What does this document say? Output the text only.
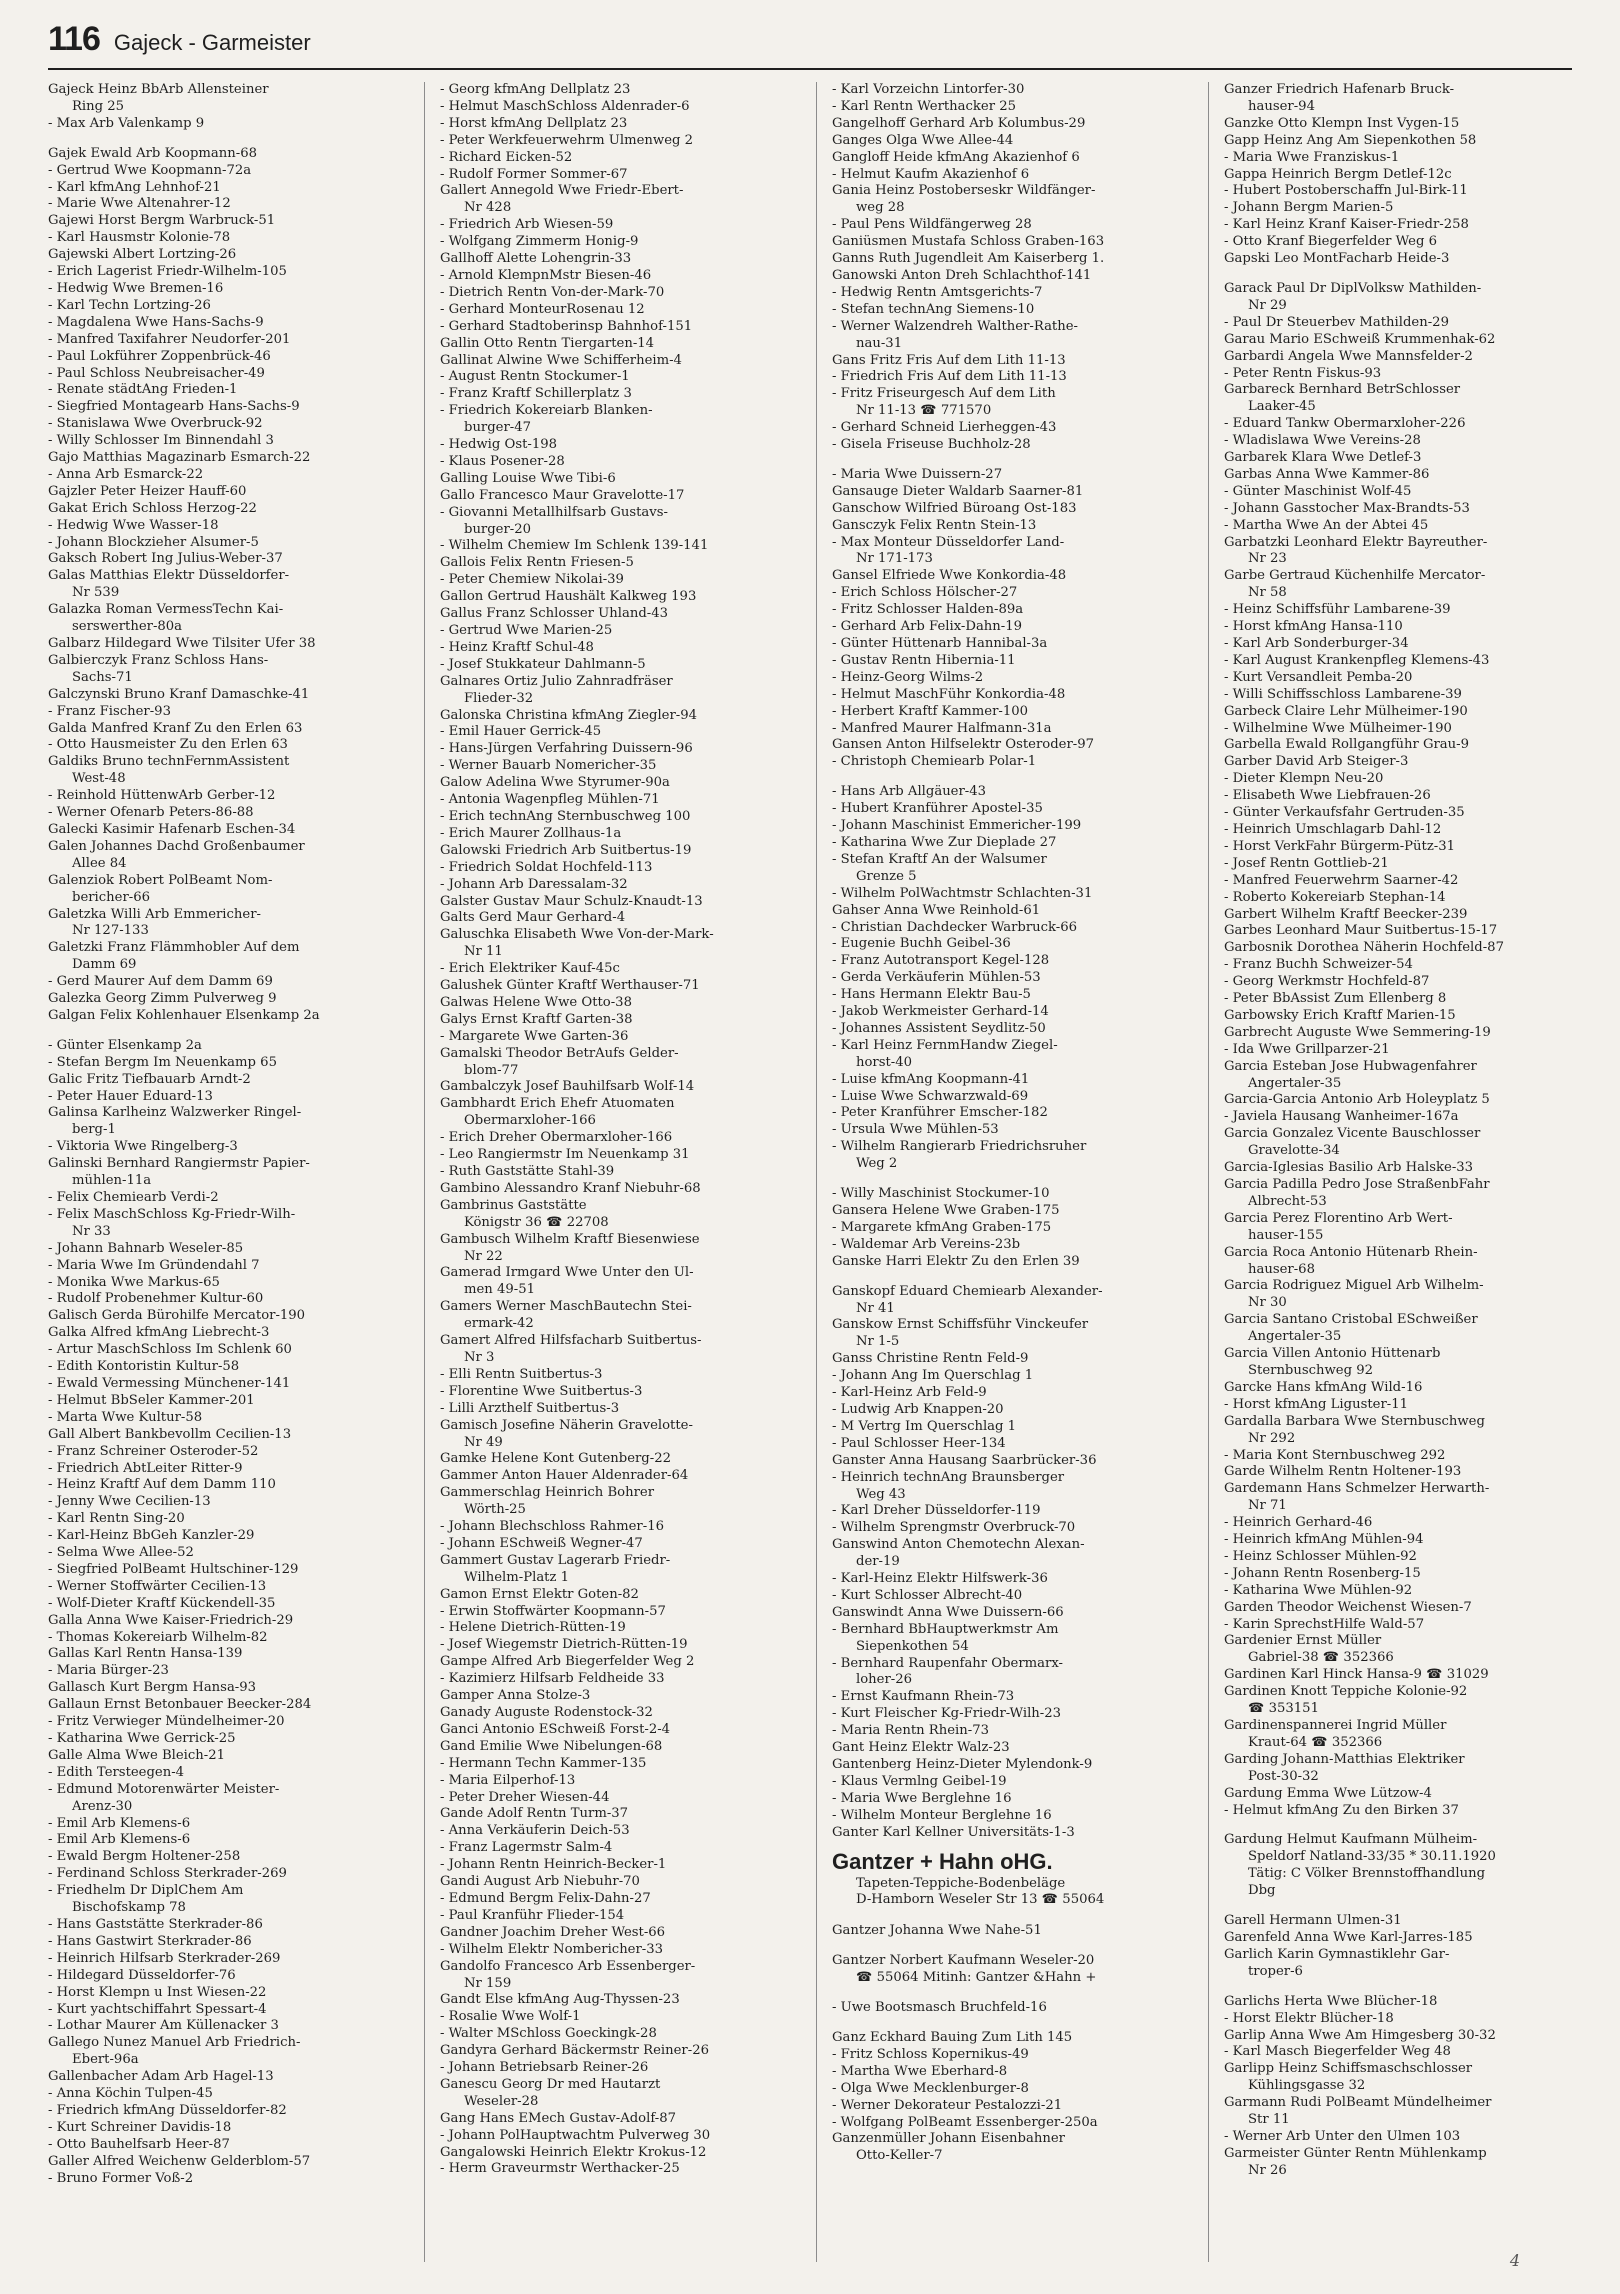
116 Gajeck - Garmeister
Gajeck Heinz BbArb Allensteiner
Ring 25
- Max Arb Valenkamp 9
Gajek Ewald Arb Koopmann-68
- Gertrud Wwe Koopmann-72a
- Karl kfmAng Lehnhof-21
- Marie Wwe Altenahrer-12
Gajewi Horst Bergm Warbruck-51
- Karl Hausmstr Kolonie-78
Gajewski Albert Lortzing-26
- Erich Lagerist Friedr-Wilhelm-105
- Hedwig Wwe Bremen-16
- Karl Techn Lortzing-26
- Magdalena Wwe Hans-Sachs-9
- Manfred Taxifahrer Neudorfer-201
- Paul Lokführer Zoppenbrück-46
- Paul Schloss Neubreisacher-49
- Renate städtAng Frieden-1
- Siegfried Montagearb Hans-Sachs-9
- Stanislawa Wwe Overbruck-92
- Willy Schlosser Im Binnendahl 3
Gajo Matthias Magazinarb Esmarch-22
- Anna Arb Esmarck-22
Gajzler Peter Heizer Hauff-60
Gakat Erich Schloss Herzog-22
- Hedwig Wwe Wasser-18
- Johann Blockzieher Alsumer-5
Gaksch Robert Ing Julius-Weber-37
Galas Matthias Elektr Düsseldorfer-
Nr 539
Galazka Roman VermessTechn Kai-
serswerther-80a
Galbarz Hildegard Wwe Tilsiter Ufer 38
Galbierczyk Franz Schloss Hans-
Sachs-71
Galczynski Bruno Kranf Damaschke-41
- Franz Fischer-93
Galda Manfred Kranf Zu den Erlen 63
- Otto Hausmeister Zu den Erlen 63
Galdiks Bruno technFernmAssistent
West-48
- Reinhold HüttenwArb Gerber-12
- Werner Ofenarb Peters-86-88
Galecki Kasimir Hafenarb Eschen-34
Galen Johannes Dachd Großenbaumer
Allee 84
Galenziok Robert PolBeamt Nom-
bericher-66
Galetzka Willi Arb Emmericher-
Nr 127-133
Galetzki Franz Flämmhobler Auf dem
Damm 69
- Gerd Maurer Auf dem Damm 69
Galezka Georg Zimm Pulverweg 9
Galgan Felix Kohlenhauer Elsenkamp 2a
- Günter Elsenkamp 2a
- Stefan Bergm Im Neuenkamp 65
Galic Fritz Tiefbauarb Arndt-2
- Peter Hauer Eduard-13
Galinsa Karlheinz Walzwerker Ringel-
berg-1
- Viktoria Wwe Ringelberg-3
Galinski Bernhard Rangiermstr Papier-
mühlen-11a
- Felix Chemiearb Verdi-2
- Felix MaschSchloss Kg-Friedr-Wilh-
Nr 33
- Johann Bahnarb Weseler-85
- Maria Wwe Im Gründendahl 7
- Monika Wwe Markus-65
- Rudolf Probenehmer Kultur-60
Galisch Gerda Bürohilfe Mercator-190
Galka Alfred kfmAng Liebrecht-3
- Artur MaschSchloss Im Schlenk 60
- Edith Kontoristin Kultur-58
- Ewald Vermessing Münchener-141
- Helmut BbSeler Kammer-201
- Marta Wwe Kultur-58
Gall Albert Bankbevollm Cecilien-13
- Franz Schreiner Osteroder-52
- Friedrich AbtLeiter Ritter-9
- Heinz Kraftf Auf dem Damm 110
- Jenny Wwe Cecilien-13
- Karl Rentn Sing-20
- Karl-Heinz BbGeh Kanzler-29
- Selma Wwe Allee-52
- Siegfried PolBeamt Hultschiner-129
- Werner Stoffwärter Cecilien-13
- Wolf-Dieter Kraftf Kückendell-35
Galla Anna Wwe Kaiser-Friedrich-29
- Thomas Kokereiarb Wilhelm-82
Gallas Karl Rentn Hansa-139
- Maria Bürger-23
Gallasch Kurt Bergm Hansa-93
Gallaun Ernst Betonbauer Beecker-284
- Fritz Verwieger Mündelheimer-20
- Katharina Wwe Gerrick-25
Galle Alma Wwe Bleich-21
- Edith Tersteegen-4
- Edmund Motorenwärter Meister-
Arenz-30
- Emil Arb Klemens-6
- Emil Arb Klemens-6
- Ewald Bergm Holtener-258
- Ferdinand Schloss Sterkrader-269
- Friedhelm Dr DiplChem Am
Bischofskamp 78
- Hans Gaststätte Sterkrader-86
- Hans Gastwirt Sterkrader-86
- Heinrich Hilfsarb Sterkrader-269
- Hildegard Düsseldorfer-76
- Horst Klempn u Inst Wiesen-22
- Kurt yachtschiffahrt Spessart-4
- Lothar Maurer Am Küllenacker 3
Gallego Nunez Manuel Arb Friedrich-
Ebert-96a
Gallenbacher Adam Arb Hagel-13
- Anna Köchin Tulpen-45
- Friedrich kfmAng Düsseldorfer-82
- Kurt Schreiner Davidis-18
- Otto Bauhelfsarb Heer-87
Galler Alfred Weichenw Gelderblom-57
- Bruno Former Voß-2
- Georg kfmAng Dellplatz 23
- Helmut MaschSchloss Aldenrader-6
- Horst kfmAng Dellplatz 23
- Peter Werkfeuerwehrm Ulmenweg 2
- Richard Eicken-52
- Rudolf Former Sommer-67
Gallert Annegold Wwe Friedr-Ebert-
Nr 428
- Friedrich Arb Wiesen-59
- Wolfgang Zimmerm Honig-9
Gallhoff Alette Lohengrin-33
- Arnold KlempnMstr Biesen-46
- Dietrich Rentn Von-der-Mark-70
- Gerhard MonteurRosenau 12
- Gerhard Stadtoberinsp Bahnhof-151
Gallin Otto Rentn Tiergarten-14
Gallinat Alwine Wwe Schifferheim-4
- August Rentn Stockumer-1
- Franz Kraftf Schillerplatz 3
- Friedrich Kokereiarb Blanken-
burger-47
- Hedwig Ost-198
- Klaus Posener-28
Galling Louise Wwe Tibi-6
Gallo Francesco Maur Gravelotte-17
- Giovanni Metallhilfsarb Gustavs-
burger-20
- Wilhelm Chemiew Im Schlenk 139-141
Gallois Felix Rentn Friesen-5
- Peter Chemiew Nikolai-39
Gallon Gertrud Haushält Kalkweg 193
Gallus Franz Schlosser Uhland-43
- Gertrud Wwe Marien-25
- Heinz Kraftf Schul-48
- Josef Stukkateur Dahlmann-5
Galnares Ortiz Julio Zahnradfräser
Flieder-32
Galonska Christina kfmAng Ziegler-94
- Emil Hauer Gerrick-45
- Hans-Jürgen Verfahring Duissern-96
- Werner Bauarb Nomericher-35
Galow Adelina Wwe Styrumer-90a
- Antonia Wagenpfleg Mühlen-71
- Erich technAng Sternbuschweg 100
- Erich Maurer Zollhaus-1a
Galowski Friedrich Arb Suitbertus-19
- Friedrich Soldat Hochfeld-113
- Johann Arb Daressalam-32
Galster Gustav Maur Schulz-Knaudt-13
Galts Gerd Maur Gerhard-4
Galuschka Elisabeth Wwe Von-der-Mark-
Nr 11
- Erich Elektriker Kauf-45c
Galushek Günter Kraftf Werthauser-71
Galwas Helene Wwe Otto-38
Galys Ernst Kraftf Garten-38
- Margarete Wwe Garten-36
Gamalski Theodor BetrAufs Gelder-
blom-77
Gambalczyk Josef Bauhilfsarb Wolf-14
Gambhardt Erich Ehefr Atuomaten
Obermarxloher-166
- Erich Dreher Obermarxloher-166
- Leo Rangiermstr Im Neuenkamp 31
- Ruth Gaststätte Stahl-39
Gambino Alessandro Kranf Niebuhr-68
Gambrinus Gaststätte
Königstr 36 ☎ 22708
Gambusch Wilhelm Kraftf Biesenwiese
Nr 22
Gamerad Irmgard Wwe Unter den Ul-
men 49-51
Gamers Werner MaschBautechn Stei-
ermark-42
Gamert Alfred Hilfsfacharb Suitbertus-
Nr 3
- Elli Rentn Suitbertus-3
- Florentine Wwe Suitbertus-3
- Lilli Arzthelf Suitbertus-3
Gamisch Josefine Näherin Gravelotte-
Nr 49
Gamke Helene Kont Gutenberg-22
Gammer Anton Hauer Aldenrader-64
Gammerschlag Heinrich Bohrer
Wörth-25
- Johann Blechschloss Rahmer-16
- Johann ESchweiß Wegner-47
Gammert Gustav Lagerarb Friedr-
Wilhelm-Platz 1
Gamon Ernst Elektr Goten-82
- Erwin Stoffwärter Koopmann-57
- Helene Dietrich-Rütten-19
- Josef Wiegemstr Dietrich-Rütten-19
Gampe Alfred Arb Biegerfelder Weg 2
- Kazimierz Hilfsarb Feldheide 33
Gamper Anna Stolze-3
Ganady Auguste Rodenstock-32
Ganci Antonio ESchweiß Forst-2-4
Gand Emilie Wwe Nibelungen-68
- Hermann Techn Kammer-135
- Maria Eilperhof-13
- Peter Dreher Wiesen-44
Gande Adolf Rentn Turm-37
- Anna Verkäuferin Deich-53
- Franz Lagermstr Salm-4
- Johann Rentn Heinrich-Becker-1
Gandi August Arb Niebuhr-70
- Edmund Bergm Felix-Dahn-27
- Paul Kranführ Flieder-154
Gandner Joachim Dreher West-66
- Wilhelm Elektr Nombericher-33
Gandolfo Francesco Arb Essenberger-
Nr 159
Gandt Else kfmAng Aug-Thyssen-23
- Rosalie Wwe Wolf-1
- Walter MSchloss Goeckingk-28
Gandyra Gerhard Bäckermstr Reiner-26
- Johann Betriebsarb Reiner-26
Ganescu Georg Dr med Hautarzt
Weseler-28
Gang Hans EMech Gustav-Adolf-87
- Johann PolHauptwachtm Pulverweg 30
Gangalowski Heinrich Elektr Krokus-12
- Herm Graveurmstr Werthacker-25
- Karl Vorzeichn Lintorfer-30
- Karl Rentn Werthacker 25
Gangelhoff Gerhard Arb Kolumbus-29
Ganges Olga Wwe Allee-44
Gangloff Heide kfmAng Akazienhof 6
- Helmut Kaufm Akazienhof 6
Gania Heinz Postoberseskr Wildfänger-
weg 28
- Paul Pens Wildfängerweg 28
Ganiüsmen Mustafa Schloss Graben-163
Ganns Ruth Jugendleit Am Kaiserberg 1.
Ganowski Anton Dreh Schlachthof-141
- Hedwig Rentn Amtsgerichts-7
- Stefan technAng Siemens-10
- Werner Walzendreh Walther-Rathe-
nau-31
Gans Fritz Fris Auf dem Lith 11-13
- Friedrich Fris Auf dem Lith 11-13
- Fritz Friseurgesch Auf dem Lith
Nr 11-13 ☎ 771570
- Gerhard Schneid Lierheggen-43
- Gisela Friseuse Buchholz-28
- Maria Wwe Duissern-27
Gansauge Dieter Waldarb Saarner-81
Ganschow Wilfried Büroang Ost-183
Gansczyk Felix Rentn Stein-13
- Max Monteur Düsseldorfer Land-
Nr 171-173
Gansel Elfriede Wwe Konkordia-48
- Erich Schloss Hölscher-27
- Fritz Schlosser Halden-89a
- Gerhard Arb Felix-Dahn-19
- Günter Hüttenarb Hannibal-3a
- Gustav Rentn Hibernia-11
- Heinz-Georg Wilms-2
- Helmut MaschFühr Konkordia-48
- Herbert Kraftf Kammer-100
- Manfred Maurer Halfmann-31a
Gansen Anton Hilfselektr Osteroder-97
- Christoph Chemiearb Polar-1
- Hans Arb Allgäuer-43
- Hubert Kranführer Apostel-35
- Johann Maschinist Emmericher-199
- Katharina Wwe Zur Dieplade 27
- Stefan Kraftf An der Walsumer
Grenze 5
- Wilhelm PolWachtmstr Schlachten-31
Gahser Anna Wwe Reinhold-61
- Christian Dachdecker Warbruck-66
- Eugenie Buchh Geibel-36
- Franz Autotransport Kegel-128
- Gerda Verkäuferin Mühlen-53
- Hans Hermann Elektr Bau-5
- Jakob Werkmeister Gerhard-14
- Johannes Assistent Seydlitz-50
- Karl Heinz FernmHandw Ziegel-
horst-40
- Luise kfmAng Koopmann-41
- Luise Wwe Schwarzwald-69
- Peter Kranführer Emscher-182
- Ursula Wwe Mühlen-53
- Wilhelm Rangierarb Friedrichsruher
Weg 2
- Willy Maschinist Stockumer-10
Gansera Helene Wwe Graben-175
- Margarete kfmAng Graben-175
- Waldemar Arb Vereins-23b
Ganske Harri Elektr Zu den Erlen 39
Ganskopf Eduard Chemiearb Alexander-
Nr 41
Ganskow Ernst Schiffsführ Vinckeufer
Nr 1-5
Ganss Christine Rentn Feld-9
- Johann Ang Im Querschlag 1
- Karl-Heinz Arb Feld-9
- Ludwig Arb Knappen-20
- M Vertrg Im Querschlag 1
- Paul Schlosser Heer-134
Ganster Anna Hausang Saarbrücker-36
- Heinrich technAng Braunsberger
Weg 43
- Karl Dreher Düsseldorfer-119
- Wilhelm Sprengmstr Overbruck-70
Ganswind Anton Chemotechn Alexan-
der-19
- Karl-Heinz Elektr Hilfswerk-36
- Kurt Schlosser Albrecht-40
Ganswindt Anna Wwe Duissern-66
- Bernhard BbHauptwerkmstr Am
Siepenkothen 54
- Bernhard Raupenfahr Obermarx-
loher-26
- Ernst Kaufmann Rhein-73
- Kurt Fleischer Kg-Friedr-Wilh-23
- Maria Rentn Rhein-73
Gant Heinz Elektr Walz-23
Gantenberg Heinz-Dieter Mylendonk-9
- Klaus Vermlng Geibel-19
- Maria Wwe Berglehne 16
- Wilhelm Monteur Berglehne 16
Ganter Karl Kellner Universitäts-1-3
Gantzer + Hahn oHG.
Tapeten-Teppiche-Bodenbeläge
D-Hamborn Weseler Str 13 ☎ 55064
Gantzer Johanna Wwe Nahe-51
Gantzer Norbert Kaufmann Weseler-20
☎ 55064 Mitinh: Gantzer &Hahn +
- Uwe Bootsmasch Bruchfeld-16
Ganz Eckhard Bauing Zum Lith 145
- Fritz Schloss Kopernikus-49
- Martha Wwe Eberhard-8
- Olga Wwe Mecklenburger-8
- Werner Dekorateur Pestalozzi-21
- Wolfgang PolBeamt Essenberger-250a
Ganzenmüller Johann Eisenbahner
Otto-Keller-7
Ganzer Friedrich Hafenarb Bruck-
hauser-94
Ganzke Otto Klempn Inst Vygen-15
Gapp Heinz Ang Am Siepenkothen 58
- Maria Wwe Franziskus-1
Gappa Heinrich Bergm Detlef-12c
- Hubert Postoberschaffn Jul-Birk-11
- Johann Bergm Marien-5
- Karl Heinz Kranf Kaiser-Friedr-258
- Otto Kranf Biegerfelder Weg 6
Gapski Leo MontFacharb Heide-3
Garack Paul Dr DiplVolksw Mathilden-
Nr 29
- Paul Dr Steuerbev Mathilden-29
Garau Mario ESchweiß Krummenhak-62
Garbardi Angela Wwe Mannsfelder-2
- Peter Rentn Fiskus-93
Garbareck Bernhard BetrSchlosser
Laaker-45
- Eduard Tankw Obermarxloher-226
- Wladislawa Wwe Vereins-28
Garbarek Klara Wwe Detlef-3
Garbas Anna Wwe Kammer-86
- Günter Maschinist Wolf-45
- Johann Gasstocher Max-Brandts-53
- Martha Wwe An der Abtei 45
Garbatzki Leonhard Elektr Bayreuther-
Nr 23
Garbe Gertraud Küchenhilfe Mercator-
Nr 58
- Heinz Schiffsführ Lambarene-39
- Horst kfmAng Hansa-110
- Karl Arb Sonderburger-34
- Karl August Krankenpfleg Klemens-43
- Kurt Versandleit Pemba-20
- Willi Schiffsschloss Lambarene-39
Garbeck Claire Lehr Mülheimer-190
- Wilhelmine Wwe Mülheimer-190
Garbella Ewald Rollgangführ Grau-9
Garber David Arb Steiger-3
- Dieter Klempn Neu-20
- Elisabeth Wwe Liebfrauen-26
- Günter Verkaufsfahr Gertruden-35
- Heinrich Umschlagarb Dahl-12
- Horst VerkFahr Bürgerm-Pütz-31
- Josef Rentn Gottlieb-21
- Manfred Feuerwehrm Saarner-42
- Roberto Kokereiarb Stephan-14
Garbert Wilhelm Kraftf Beecker-239
Garbes Leonhard Maur Suitbertus-15-17
Garbosnik Dorothea Näherin Hochfeld-87
- Franz Buchh Schweizer-54
- Georg Werkmstr Hochfeld-87
- Peter BbAssist Zum Ellenberg 8
Garbowsky Erich Kraftf Marien-15
Garbrecht Auguste Wwe Semmering-19
- Ida Wwe Grillparzer-21
Garcia Esteban Jose Hubwagenfahrer
Angertaler-35
Garcia-Garcia Antonio Arb Holeyplatz 5
- Javiela Hausang Wanheimer-167a
Garcia Gonzalez Vicente Bauschlosser
Gravelotte-34
Garcia-Iglesias Basilio Arb Halske-33
Garcia Padilla Pedro Jose StraßenbFahr
Albrecht-53
Garcia Perez Florentino Arb Wert-
hauser-155
Garcia Roca Antonio Hütenarb Rhein-
hauser-68
Garcia Rodriguez Miguel Arb Wilhelm-
Nr 30
Garcia Santano Cristobal ESchweißer
Angertaler-35
Garcia Villen Antonio Hüttenarb
Sternbuschweg 92
Garcke Hans kfmAng Wild-16
- Horst kfmAng Liguster-11
Gardalla Barbara Wwe Sternbuschweg
Nr 292
- Maria Kont Sternbuschweg 292
Garde Wilhelm Rentn Holtener-193
Gardemann Hans Schmelzer Herwarth-
Nr 71
- Heinrich Gerhard-46
- Heinrich kfmAng Mühlen-94
- Heinz Schlosser Mühlen-92
- Johann Rentn Rosenberg-15
- Katharina Wwe Mühlen-92
Garden Theodor Weichenst Wiesen-7
- Karin SprechstHilfe Wald-57
Gardenier Ernst Müller
Gabriel-38 ☎ 352366
Gardinen Karl Hinck Hansa-9 ☎ 31029
Gardinen Knott Teppiche Kolonie-92
☎ 353151
Gardinenspannerei Ingrid Müller
Kraut-64 ☎ 352366
Garding Johann-Matthias Elektriker
Post-30-32
Gardung Emma Wwe Lützow-4
- Helmut kfmAng Zu den Birken 37
Gardung Helmut Kaufmann Mülheim-
Speldorf Natland-33/35 * 30.11.1920
Tätig: C Völker Brennstoffhandlung
Dbg
Garell Hermann Ulmen-31
Garenfeld Anna Wwe Karl-Jarres-185
Garlich Karin Gymnastiklehr Gar-
troper-6
Garlichs Herta Wwe Blücher-18
- Horst Elektr Blücher-18
Garlip Anna Wwe Am Himgesberg 30-32
- Karl Masch Biegerfelder Weg 48
Garlipp Heinz Schiffsmaschschlosser
Kühlingsgasse 32
Garmann Rudi PolBeamt Mündelheimer
Str 11
- Werner Arb Unter den Ulmen 103
Garmeister Günter Rentn Mühlenkamp
Nr 26
4
